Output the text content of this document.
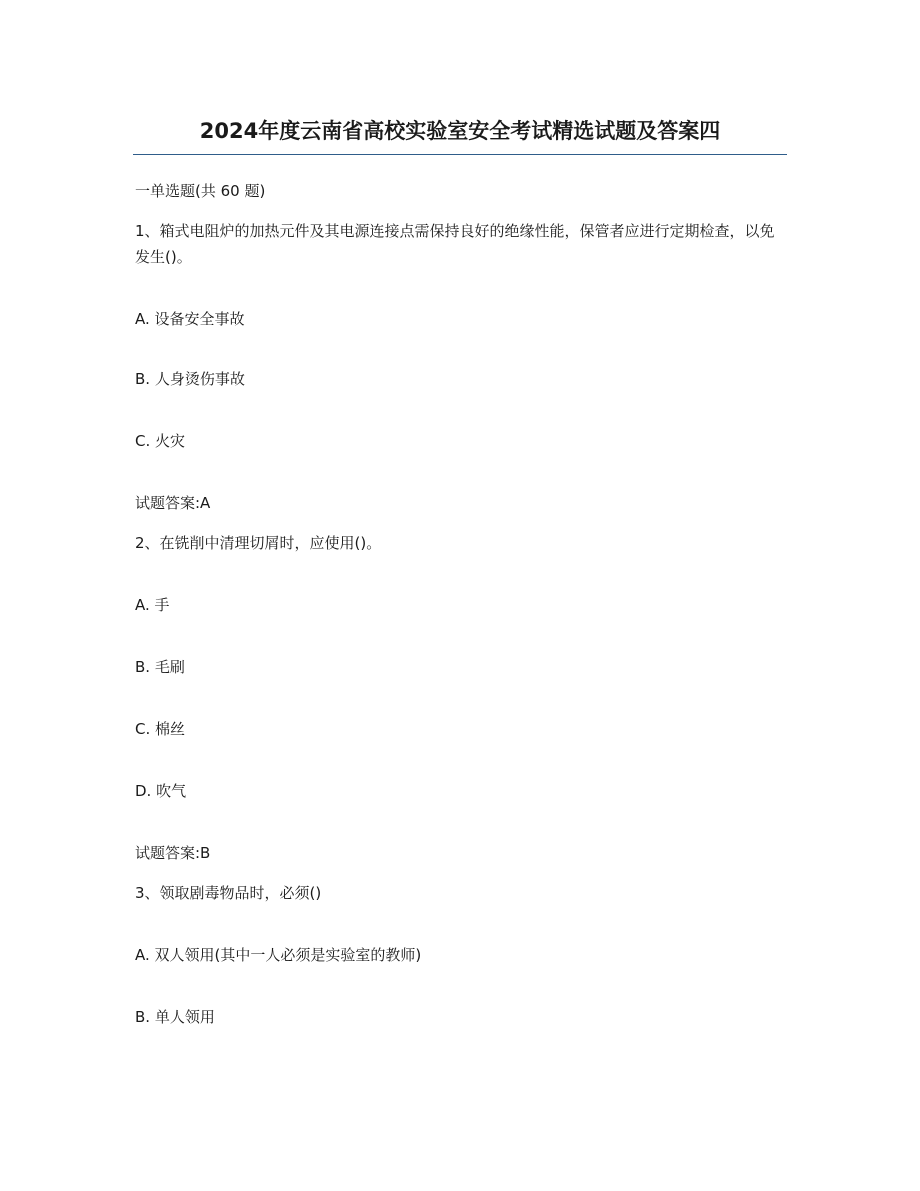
2024年度云南省高校实验室安全考试精选试题及答案四

一单选题(共 60 题)

1、箱式电阻炉的加热元件及其电源连接点需保持良好的绝缘性能，保管者应进行定期检查，以免发生()。

A. 设备安全事故

B. 人身烫伤事故

C. 火灾

试题答案:A

2、在铣削中清理切屑时，应使用()。

A. 手

B. 毛刷

C. 棉丝

D. 吹气

试题答案:B

3、领取剧毒物品时，必须()

A. 双人领用(其中一人必须是实验室的教师)

B. 单人领用
